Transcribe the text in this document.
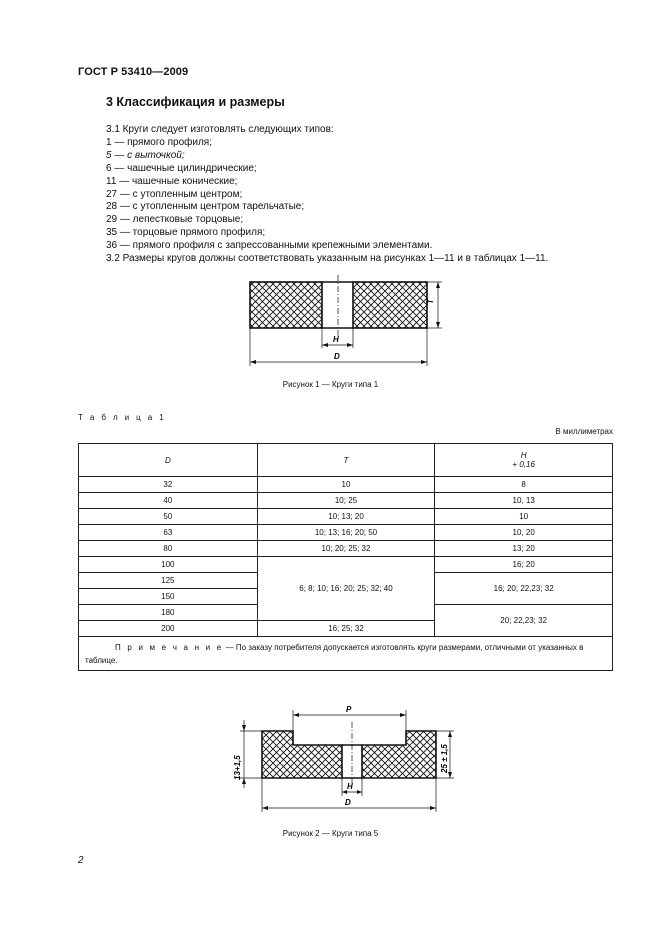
ГОСТ Р 53410—2009
3 Классификация и размеры
3.1 Круги следует изготовлять следующих типов:
1 — прямого профиля;
5 — с выточкой;
6 — чашечные цилиндрические;
11 — чашечные конические;
27 — с утопленным центром;
28 — с утопленным центром тарельчатые;
29 — лепестковые торцовые;
35 — торцовые прямого профиля;
36 — прямого профиля с запрессованными крепежными элементами.
3.2 Размеры кругов должны соответствовать указанным на рисунках 1—11 и в таблицах 1—11.
T
H
D
Рисунок 1 — Круги типа 1
Т а б л и ц а 1
В миллиметрах
D	T	H
+ 0,16

32	10	8
40	10; 25	10, 13
50	10; 13; 20	10
63	10; 13; 16; 20; 50	10, 20
80	10; 20; 25; 32	13; 20
100	6; 8; 10; 16; 20; 25; 32; 40	16; 20
125		16; 20; 22,23; 32
150		
180		20; 22,23; 32
200	16; 25; 32	
П р и м е ч а н и е — По заказу потребителя допускается изготовлять круги размерами, отличными от указанных в таблице.		
P
13+1,5	25 ± 1,5
H
D
Рисунок 2 — Круги типа 5
2
